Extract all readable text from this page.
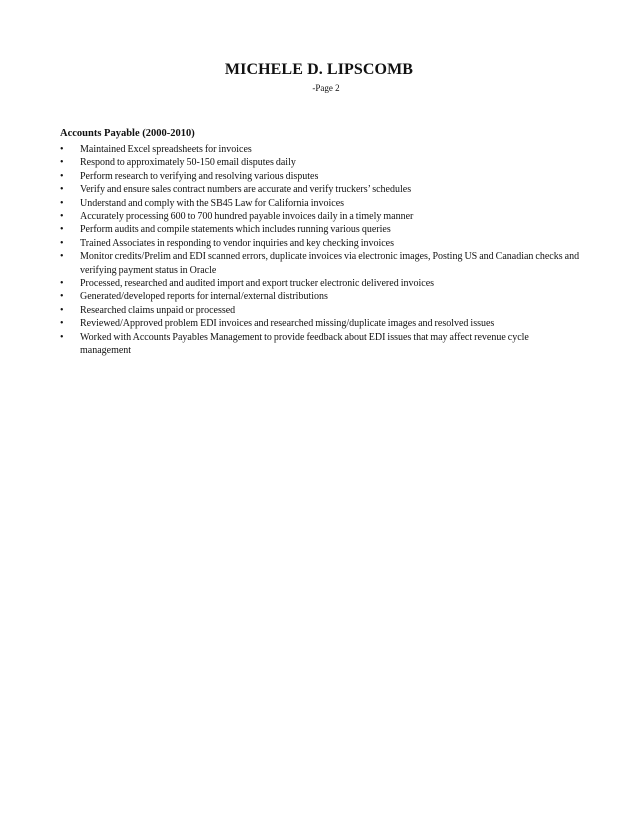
MICHELE D. LIPSCOMB
-Page 2
Accounts Payable (2000-2010)
• Maintained Excel spreadsheets for invoices
• Respond to approximately 50-150 email disputes daily
• Perform research to verifying and resolving various disputes
• Verify and ensure sales contract numbers are accurate and verify truckers’ schedules
• Understand and comply with the SB45 Law for California invoices
• Accurately processing 600 to 700 hundred payable invoices daily in a timely manner
• Perform audits and compile statements which includes running various queries
• Trained Associates in responding to vendor inquiries and key checking invoices
• Monitor credits/Prelim and EDI scanned errors, duplicate invoices via electronic images, Posting US and Canadian checks and verifying payment status in Oracle
• Processed, researched and audited import and export trucker electronic delivered invoices
• Generated/developed reports for internal/external distributions
• Researched claims unpaid or processed
• Reviewed/Approved problem EDI invoices and researched missing/duplicate images and resolved issues
• Worked with Accounts Payables Management to provide feedback about EDI issues that may affect revenue cycle management
